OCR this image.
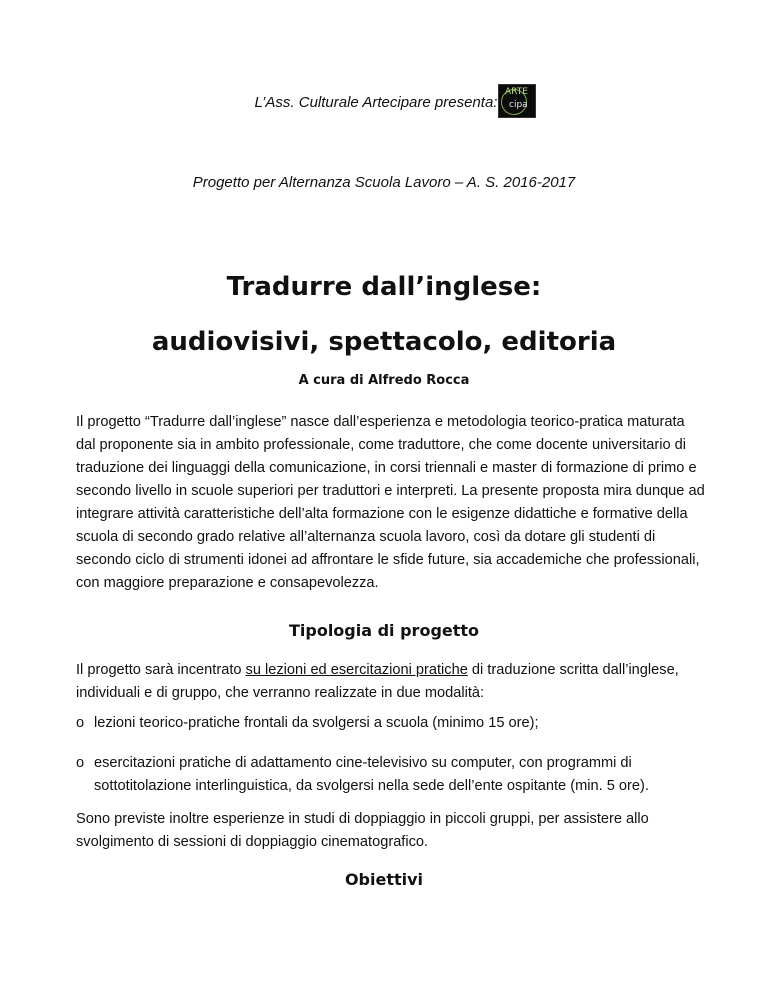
L’Ass. Culturale Artecipare presenta:
ARTE
cipa
Progetto per Alternanza Scuola Lavoro – A. S. 2016-2017
Tradurre dall’inglese:
audiovisivi, spettacolo, editoria
A cura di Alfredo Rocca
Il progetto “Tradurre dall’inglese” nasce dall’esperienza e metodologia teorico-pratica maturata dal proponente sia in ambito professionale, come traduttore, che come docente universitario di traduzione dei linguaggi della comunicazione, in corsi triennali e master di formazione di primo e secondo livello in scuole superiori per traduttori e interpreti. La presente proposta mira dunque ad integrare attività caratteristiche dell’alta formazione con le esigenze didattiche e formative della scuola di secondo grado relative all’alternanza scuola lavoro, così da dotare gli studenti di secondo ciclo di strumenti idonei ad affrontare le sfide future, sia accademiche che professionali, con maggiore preparazione e consapevolezza.
Tipologia di progetto
Il progetto sarà incentrato su lezioni ed esercitazioni pratiche di traduzione scritta dall’inglese, individuali e di gruppo, che verranno realizzate in due modalità:
o lezioni teorico-pratiche frontali da svolgersi a scuola (minimo 15 ore);
o esercitazioni pratiche di adattamento cine-televisivo su computer, con programmi di sottotitolazione interlinguistica, da svolgersi nella sede dell’ente ospitante (min. 5 ore).
Sono previste inoltre esperienze in studi di doppiaggio in piccoli gruppi, per assistere allo svolgimento di sessioni di doppiaggio cinematografico.
Obiettivi
